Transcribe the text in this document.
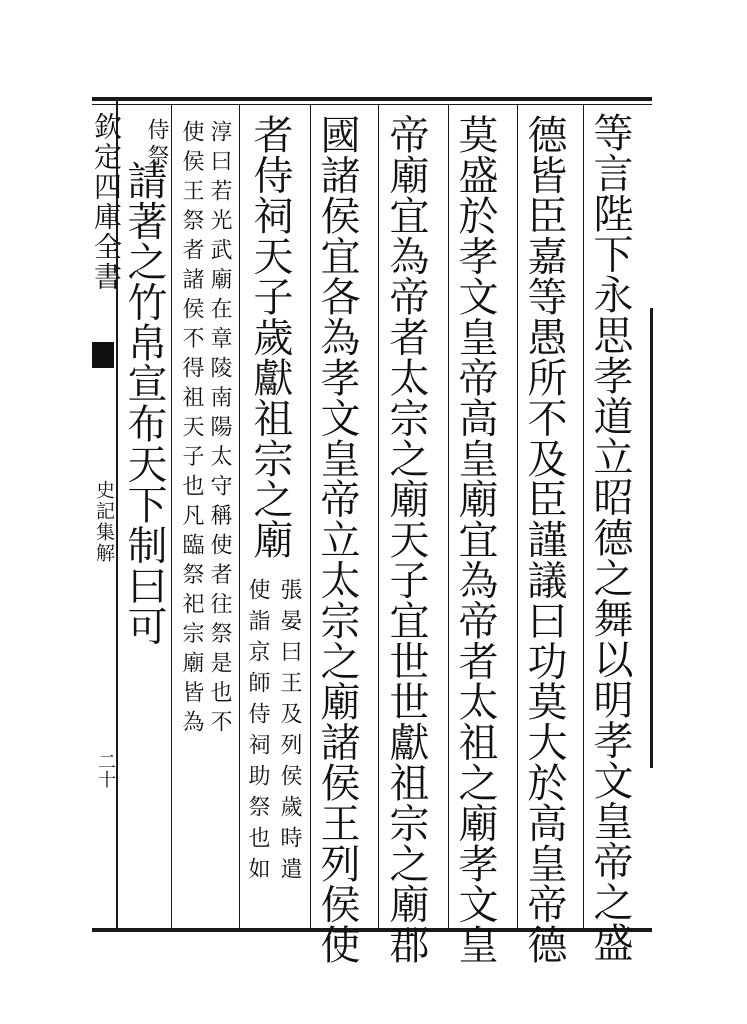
欽定四庫全書
史記集解
二十	等言陛下永思孝道立昭德之舞以明孝文皇帝之盛
德皆臣嘉等愚所不及臣謹議曰功莫大於高皇帝德
莫盛於孝文皇帝高皇廟宜為帝者太祖之廟孝文皇
帝廟宜為帝者太宗之廟天子宜世世獻祖宗之廟郡
國諸侯宜各為孝文皇帝立太宗之廟諸侯王列侯使
者侍祠天子歲獻祖宗之廟
張晏曰王及列侯歲時遣
使詣京師侍祠助祭也如
淳曰若光武廟在章陵南陽太守稱使者往祭是也不
使侯王祭者諸侯不得祖天子也凡臨祭祀宗廟皆為
侍祭
請著之竹帛宣布天下制曰可
